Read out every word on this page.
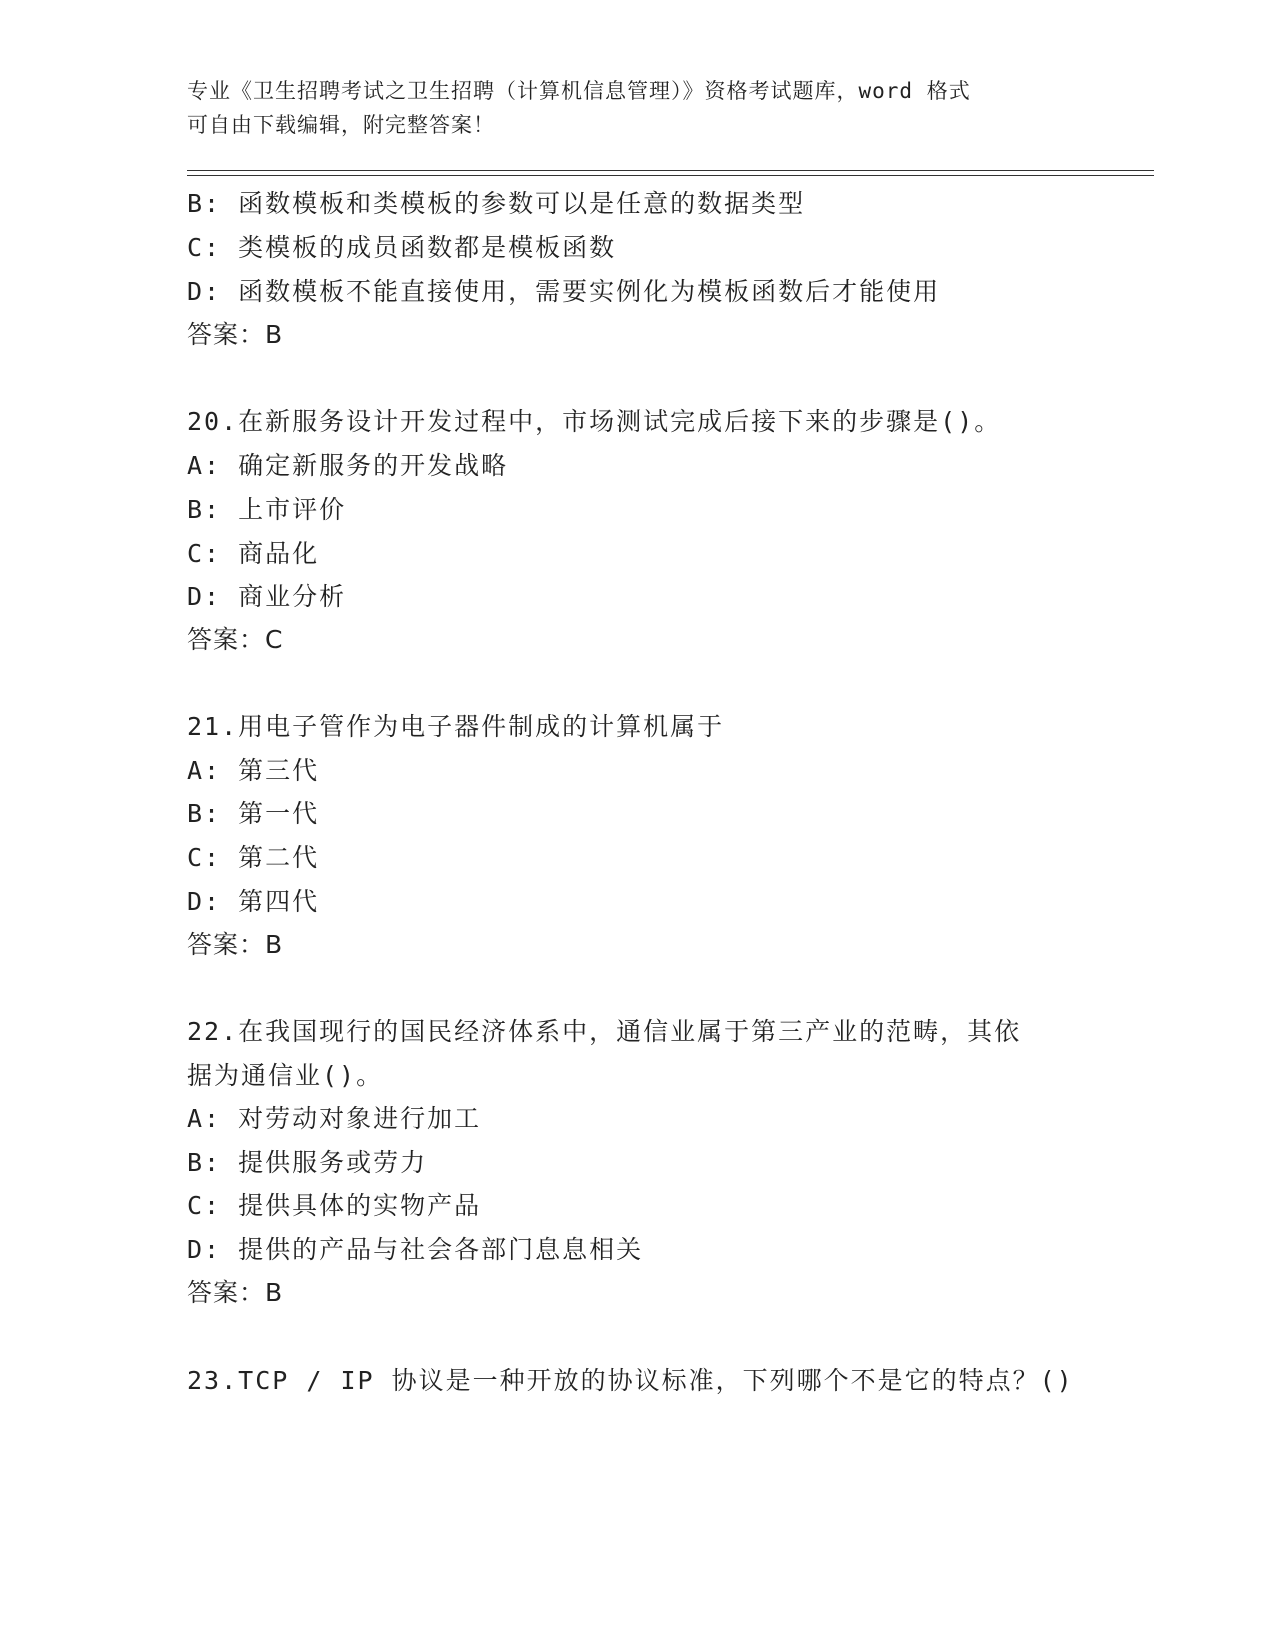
专业《卫生招聘考试之卫生招聘（计算机信息管理）》资格考试题库，word 格式
可自由下载编辑，附完整答案！
B: 函数模板和类模板的参数可以是任意的数据类型
C: 类模板的成员函数都是模板函数
D: 函数模板不能直接使用，需要实例化为模板函数后才能使用
答案：B
20.在新服务设计开发过程中，市场测试完成后接下来的步骤是()。
A: 确定新服务的开发战略
B: 上市评价
C: 商品化
D: 商业分析
答案：C
21.用电子管作为电子器件制成的计算机属于
A: 第三代
B: 第一代
C: 第二代
D: 第四代
答案：B
22.在我国现行的国民经济体系中，通信业属于第三产业的范畴，其依
据为通信业()。
A: 对劳动对象进行加工
B: 提供服务或劳力
C: 提供具体的实物产品
D: 提供的产品与社会各部门息息相关
答案：B
23.TCP / IP 协议是一种开放的协议标准，下列哪个不是它的特点？()
